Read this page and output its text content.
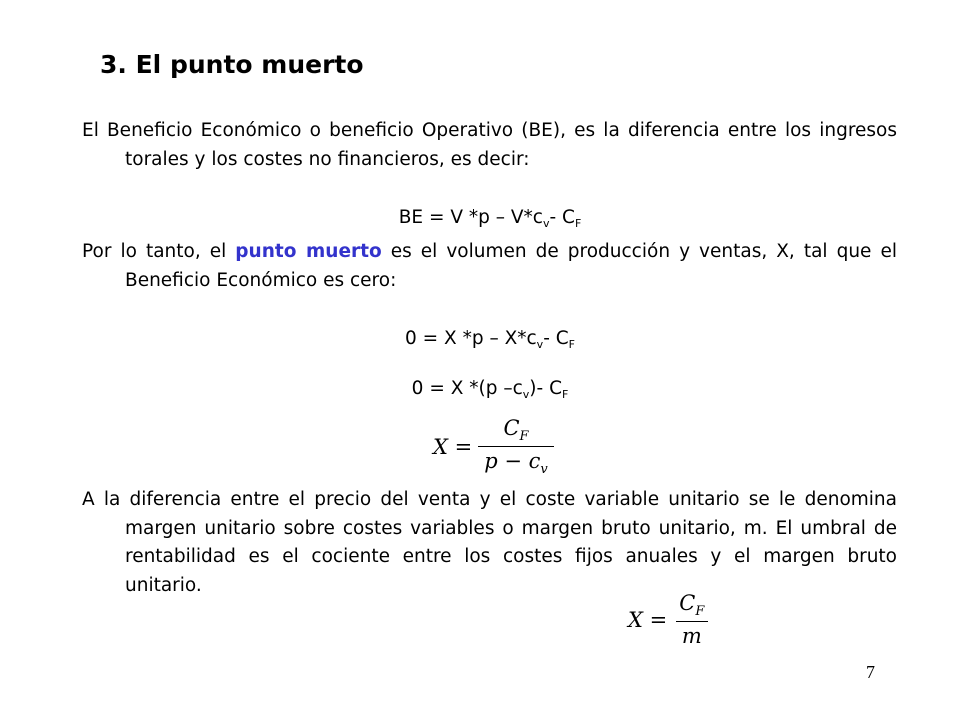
3. El punto muerto

El Beneficio Económico o beneficio Operativo (BE), es la diferencia entre los ingresos torales y los costes no financieros, es decir:

BE = V $*p - V*c_v-$ $C_F$

Por lo tanto, el punto muerto es el volumen de producción y ventas, X, tal que el Beneficio Económico es cero:

0 = X $*p - X*c_v-$ $C_F$
0 = X *(p $-c_v)-$ $C_F$
$X = \frac{C_F}{p - c_v}$

A la diferencia entre el precio del venta y el coste variable unitario se le denomina margen unitario sobre costes variables o margen bruto unitario, m. El umbral de rentabilidad es el cociente entre los costes fijos anuales y el margen bruto unitario.

$X = \frac{C_F}{m}$
7
